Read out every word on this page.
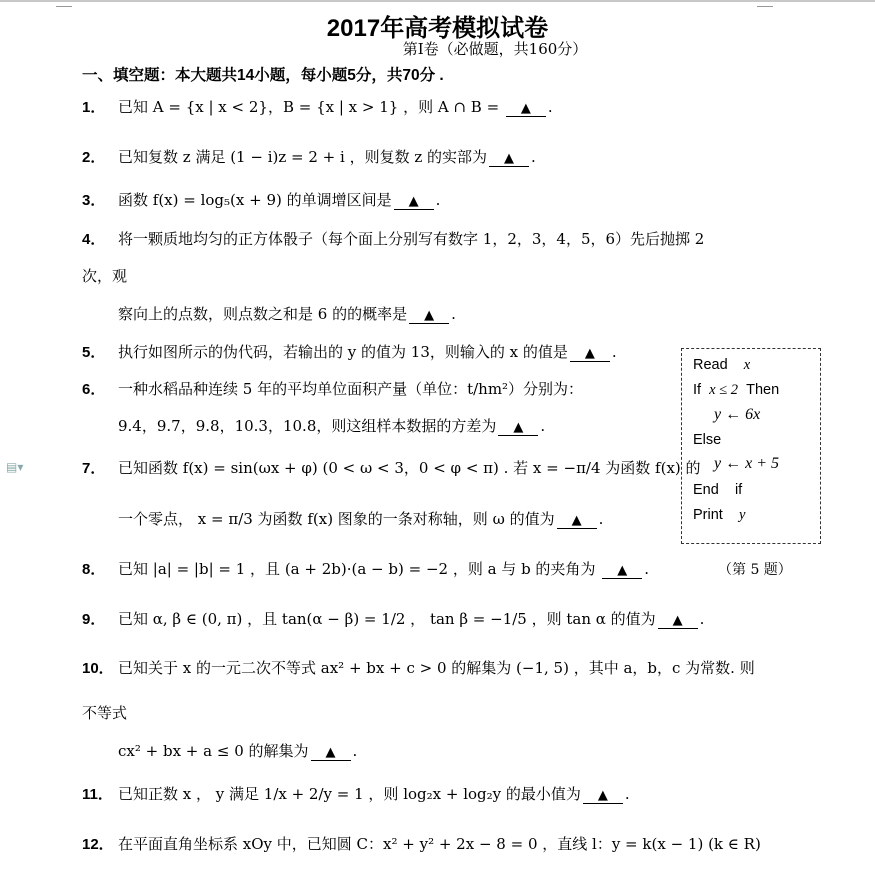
2017年高考模拟试卷
第Ⅰ卷（必做题，共160分）
一、填空题：本大题共14小题，每小题5分，共70分 .
1． 已知 A = {x | x < 2}，B = {x | x > 1} ，则 A ∩ B = ▲ .
2． 已知复数 z 满足 (1 − i)z = 2 + i ，则复数 z 的实部为 ▲ .
3． 函数 f(x) = log₅(x + 9) 的单调增区间是 ▲ .
4． 将一颗质地均匀的正方体骰子（每个面上分别写有数字 1，2，3，4，5，6）先后抛掷 2
次，观
察向上的点数，则点数之和是 6 的的概率是 ▲ .
5． 执行如图所示的伪代码，若输出的 y 的值为 13，则输入的 x 的值是 ▲ .
6． 一种水稻品种连续 5 年的平均单位面积产量（单位：t/hm²）分别为：
9.4，9.7，9.8，10.3，10.8，则这组样本数据的方差为 ▲ .
7． 已知函数 f(x) = sin(ωx + φ) (0 < ω < 3，0 < φ < π) . 若 x = −π/4 为函数 f(x) 的
一个零点， x = π/3 为函数 f(x) 图象的一条对称轴，则 ω 的值为 ▲ .
8． 已知 |a| = |b| = 1 ，且 (a + 2b)·(a − b) = −2 ，则 a 与 b 的夹角为 ▲ .
9． 已知 α, β ∈ (0, π) ，且 tan(α − β) = 1/2 ， tan β = −1/5 ，则 tan α 的值为 ▲ .
10． 已知关于 x 的一元二次不等式 ax² + bx + c > 0 的解集为 (−1, 5) ，其中 a，b，c 为常数. 则
不等式
cx² + bx + a ≤ 0 的解集为 ▲ .
11． 已知正数 x ， y 满足 1/x + 2/y = 1 ，则 log₂x + log₂y 的最小值为 ▲ .
12． 在平面直角坐标系 xOy 中，已知圆 C：x² + y² + 2x − 8 = 0 ，直线 l：y = k(x − 1) (k ∈ R)
▤▾
Read x
If x ≤ 2 Then
y ← 6x
Else
y ← x + 5
End if
Print y
（第 5 题）
